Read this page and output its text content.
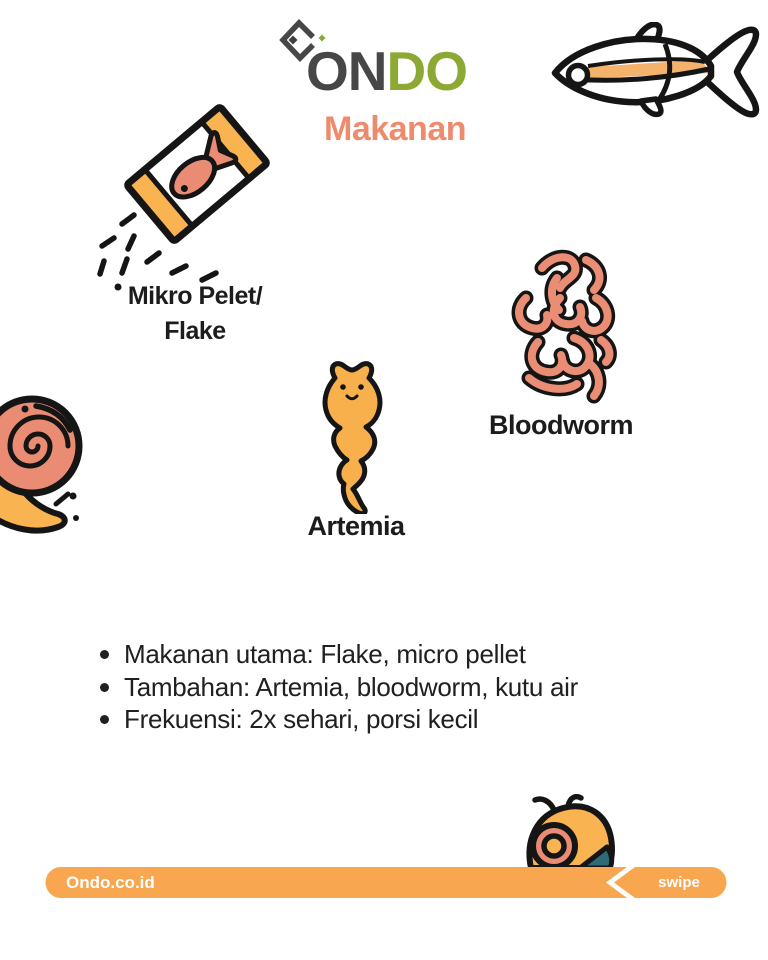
ONDO
Makanan
Mikro Pelet/
Flake
Bloodworm
Artemia
Makanan utama: Flake, micro pellet
Tambahan: Artemia, bloodworm, kutu air
Frekuensi: 2x sehari, porsi kecil
Ondo.co.id	swipe
